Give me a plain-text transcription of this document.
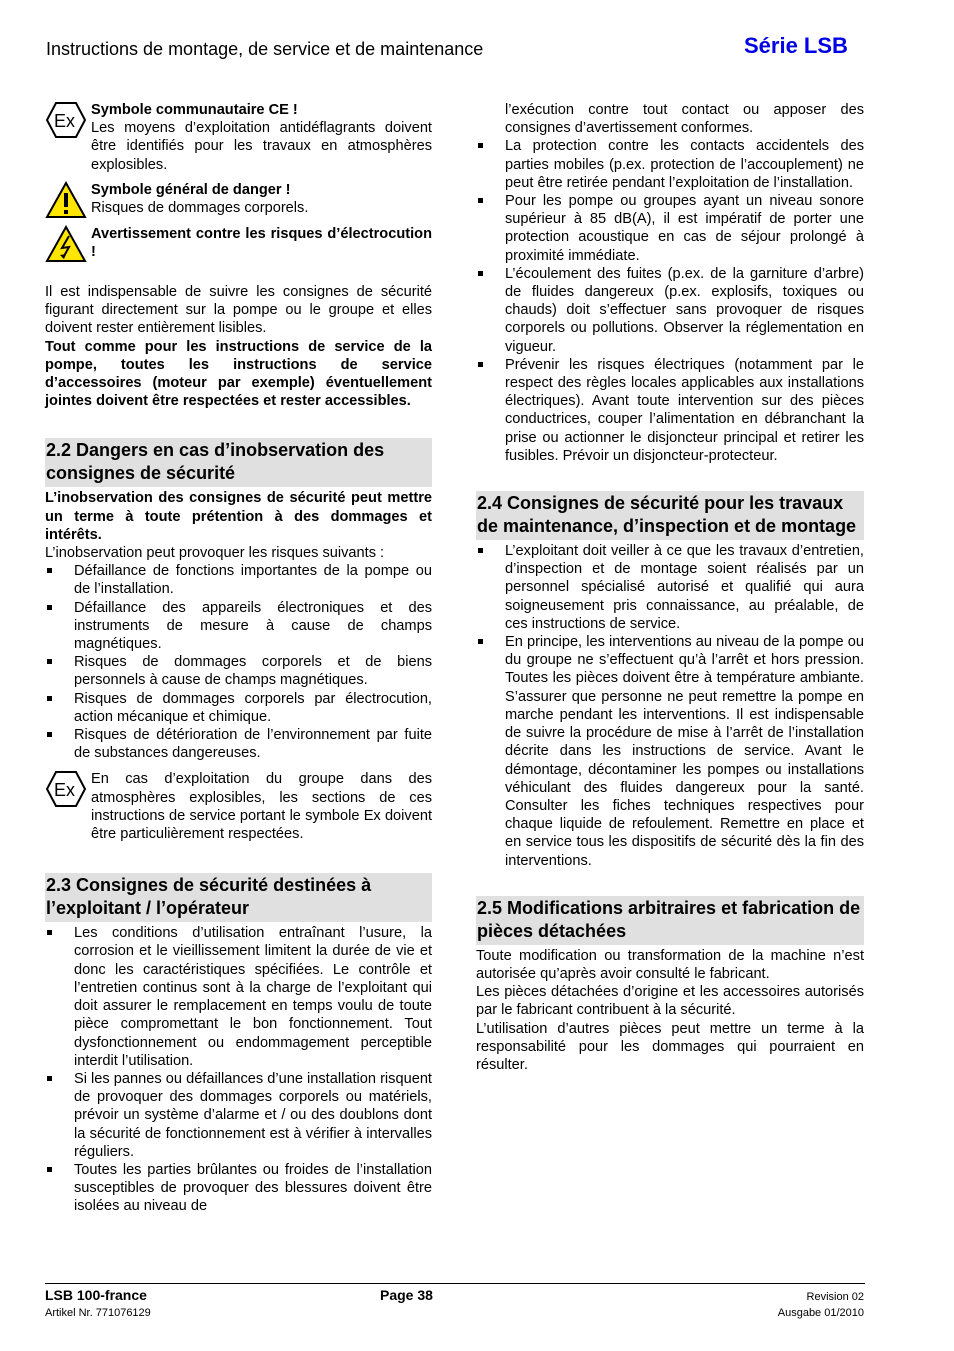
Instructions de montage, de service et de maintenance	Série LSB
Ex

Symbole communautaire CE !

Les moyens d’exploitation antidéflagrants doivent être identifiés pour les travaux en atmosphères explosibles.

Symbole général de danger !

Risques de dommages corporels.

Avertissement contre les risques d’électrocution !

Il est indispensable de suivre les consignes de sécurité figurant directement sur la pompe ou le groupe et elles doivent rester entièrement lisibles.

Tout comme pour les instructions de service de la pompe, toutes les instructions de service d’accessoires (moteur par exemple) éventuellement jointes doivent être respectées et rester accessibles.

2.2 Dangers en cas d’inobservation des consignes de sécurité

L’inobservation des consignes de sécurité peut mettre un terme à toute prétention à des dommages et intérêts.

L’inobservation peut provoquer les risques suivants :

Défaillance de fonctions importantes de la pompe ou de l’installation.
Défaillance des appareils électroniques et des instruments de mesure à cause de champs magnétiques.
Risques de dommages corporels et de biens personnels à cause de champs magnétiques.
Risques de dommages corporels par électrocution, action mécanique et chimique.
Risques de détérioration de l’environnement par fuite de substances dangereuses.
Ex

En cas d’exploitation du groupe dans des atmosphères explosibles, les sections de ces instructions de service portant le symbole Ex doivent être particulièrement respectées.

2.3 Consignes de sécurité destinées à l’exploitant / l’opérateur
Les conditions d’utilisation entraînant l’usure, la corrosion et le vieillissement limitent la durée de vie et donc les caractéristiques spécifiées. Le contrôle et l’entretien continus sont à la charge de l’exploitant qui doit assurer le remplacement en temps voulu de toute pièce compromettant le bon fonctionnement. Tout dysfonctionnement ou endommagement perceptible interdit l’utilisation.
Si les pannes ou défaillances d’une installation risquent de provoquer des dommages corporels ou matériels, prévoir un système d’alarme et / ou des doublons dont la sécurité de fonctionnement est à vérifier à intervalles réguliers.
Toutes les parties brûlantes ou froides de l’installation susceptibles de provoquer des blessures doivent être isolées au niveau de

l’exécution contre tout contact ou apposer des consignes d’avertissement conformes.

La protection contre les contacts accidentels des parties mobiles (p.ex. protection de l’accouplement) ne peut être retirée pendant l’exploitation de l’installation.
Pour les pompe ou groupes ayant un niveau sonore supérieur à 85 dB(A), il est impératif de porter une protection acoustique en cas de séjour prolongé à proximité immédiate.
L’écoulement des fuites (p.ex. de la garniture d’arbre) de fluides dangereux (p.ex. explosifs, toxiques ou chauds) doit s’effectuer sans provoquer de risques corporels ou pollutions. Observer la réglementation en vigueur.
Prévenir les risques électriques (notamment par le respect des règles locales applicables aux installations électriques). Avant toute intervention sur des pièces conductrices, couper l’alimentation en débranchant la prise ou actionner le disjoncteur principal et retirer les fusibles. Prévoir un disjoncteur-protecteur.
2.4 Consignes de sécurité pour les travaux de maintenance, d’inspection et de montage
L’exploitant doit veiller à ce que les travaux d’entretien, d’inspection et de montage soient réalisés par un personnel spécialisé autorisé et qualifié qui aura soigneusement pris connaissance, au préalable, de ces instructions de service.
En principe, les interventions au niveau de la pompe ou du groupe ne s’effectuent qu’à l’arrêt et hors pression. Toutes les pièces doivent être à température ambiante. S’assurer que personne ne peut remettre la pompe en marche pendant les interventions. Il est indispensable de suivre la procédure de mise à l’arrêt de l’installation décrite dans les instructions de service. Avant le démontage, décontaminer les pompes ou installations véhiculant des fluides dangereux pour la santé. Consulter les fiches techniques respectives pour chaque liquide de refoulement. Remettre en place et en service tous les dispositifs de sécurité dès la fin des interventions.
2.5 Modifications arbitraires et fabrication de pièces détachées

Toute modification ou transformation de la machine n’est autorisée qu’après avoir consulté le fabricant.

Les pièces détachées d’origine et les accessoires autorisés par le fabricant contribuent à la sécurité.

L’utilisation d’autres pièces peut mettre un terme à la responsabilité pour les dommages qui pourraient en résulter.

LSB 100-france
Artikel Nr. 771076129
Page 38	Revision 02
Ausgabe 01/2010
